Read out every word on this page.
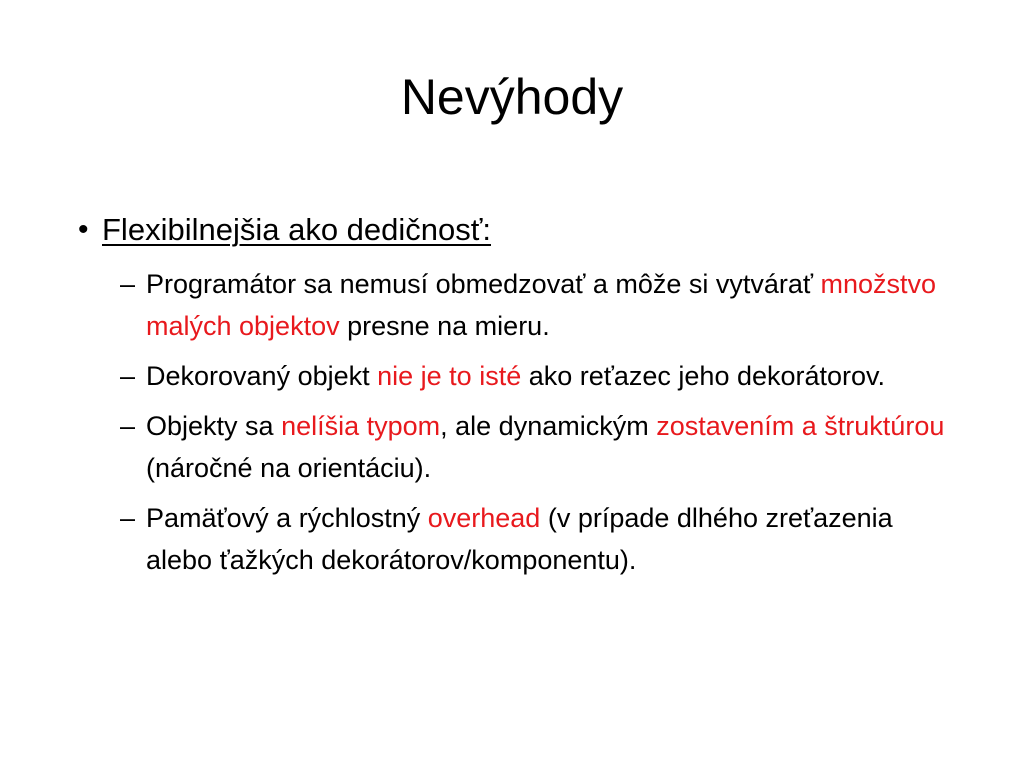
Nevýhody

• Flexibilnejšia ako dedičnosť:

– Programátor sa nemusí obmedzovať a môže si vytvárať množstvo malých objektov presne na mieru.
– Dekorovaný objekt nie je to isté ako reťazec jeho dekorátorov.
– Objekty sa nelíšia typom, ale dynamickým zostavením a štruktúrou (náročné na orientáciu).
– Pamäťový a rýchlostný overhead (v prípade dlhého zreťazenia alebo ťažkých dekorátorov/komponentu).
